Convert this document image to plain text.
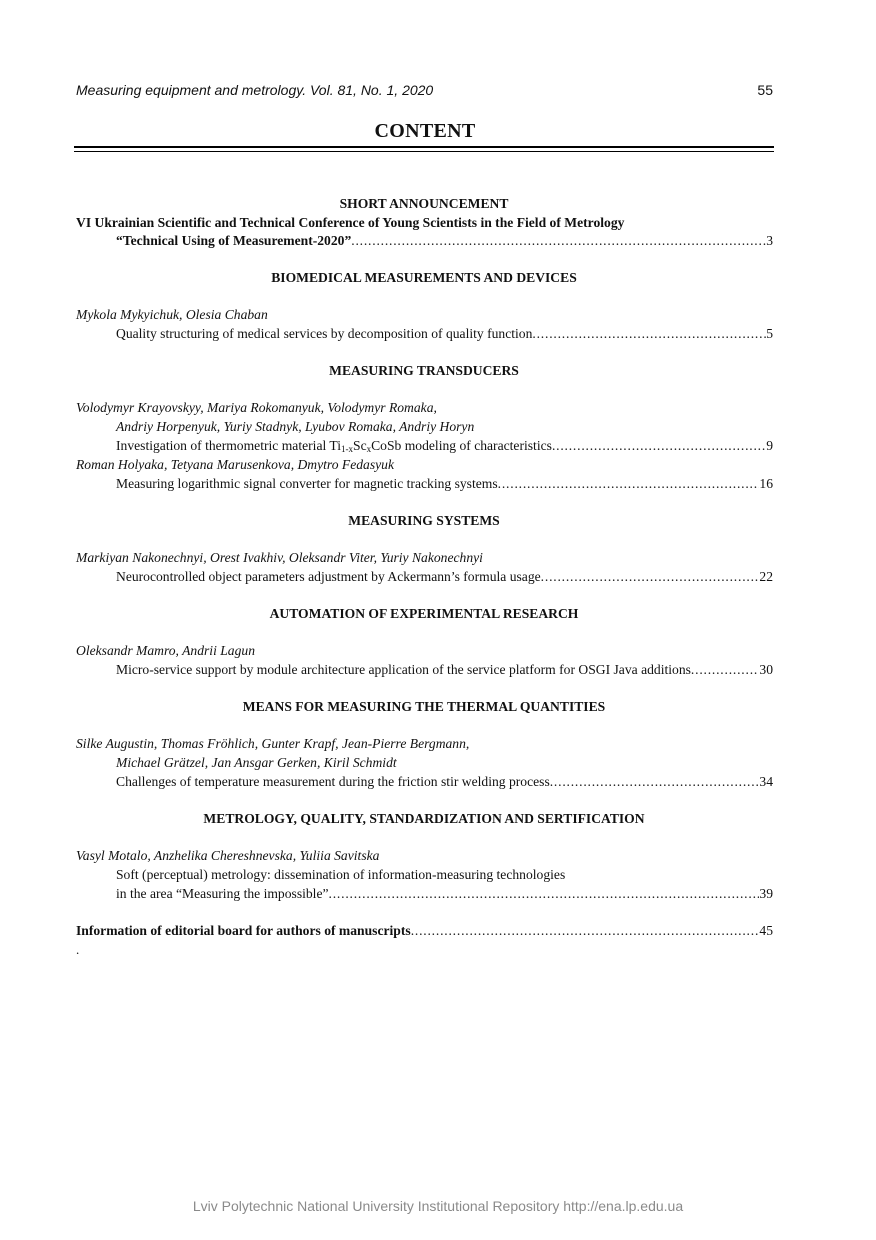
Measuring equipment and metrology. Vol. 81, No. 1, 2020	55
CONTENT
SHORT ANNOUNCEMENT
VI Ukrainian Scientific and Technical Conference of Young Scientists in the Field of Metrology
“Technical Using of Measurement-2020” .....	3
BIOMEDICAL MEASUREMENTS AND DEVICES
Mykola Mykyichuk, Olesia Chaban
Quality structuring of medical services by decomposition of quality function .....	5
MEASURING TRANSDUCERS
Volodymyr Krayovskyy, Mariya Rokomanyuk, Volodymyr Romaka,
Andriy Horpenyuk, Yuriy Stadnyk, Lyubov Romaka, Andriy Horyn
Investigation of thermometric material $Ti_{1-x}Sc_xCoSb$ modeling of characteristics .....	9
Roman Holyaka, Tetyana Marusenkova, Dmytro Fedasyuk
Measuring logarithmic signal converter for magnetic tracking systems .....	16
MEASURING SYSTEMS
Markiyan Nakonechnyi, Orest Ivakhiv, Oleksandr Viter, Yuriy Nakonechnyi
Neurocontrolled object parameters adjustment by Ackermann’s formula usage .....	22
AUTOMATION OF EXPERIMENTAL RESEARCH
Oleksandr Mamro, Andrii Lagun
Micro-service support by module architecture application of the service platform for OSGI Java additions .....	30
MEANS FOR MEASURING THE THERMAL QUANTITIES
Silke Augustin, Thomas Fröhlich, Gunter Krapf, Jean-Pierre Bergmann,
Michael Grätzel, Jan Ansgar Gerken, Kiril Schmidt
Challenges of temperature measurement during the friction stir welding process .....	34
METROLOGY, QUALITY, STANDARDIZATION AND SERTIFICATION
Vasyl Motalo, Anzhelika Chereshnevska, Yuliia Savitska
Soft (perceptual) metrology: dissemination of information-measuring technologies
in the area “Measuring the impossible” .....	39
Information of editorial board for authors of manuscripts .....	45
.
Lviv Polytechnic National University Institutional Repository http://ena.lp.edu.ua
